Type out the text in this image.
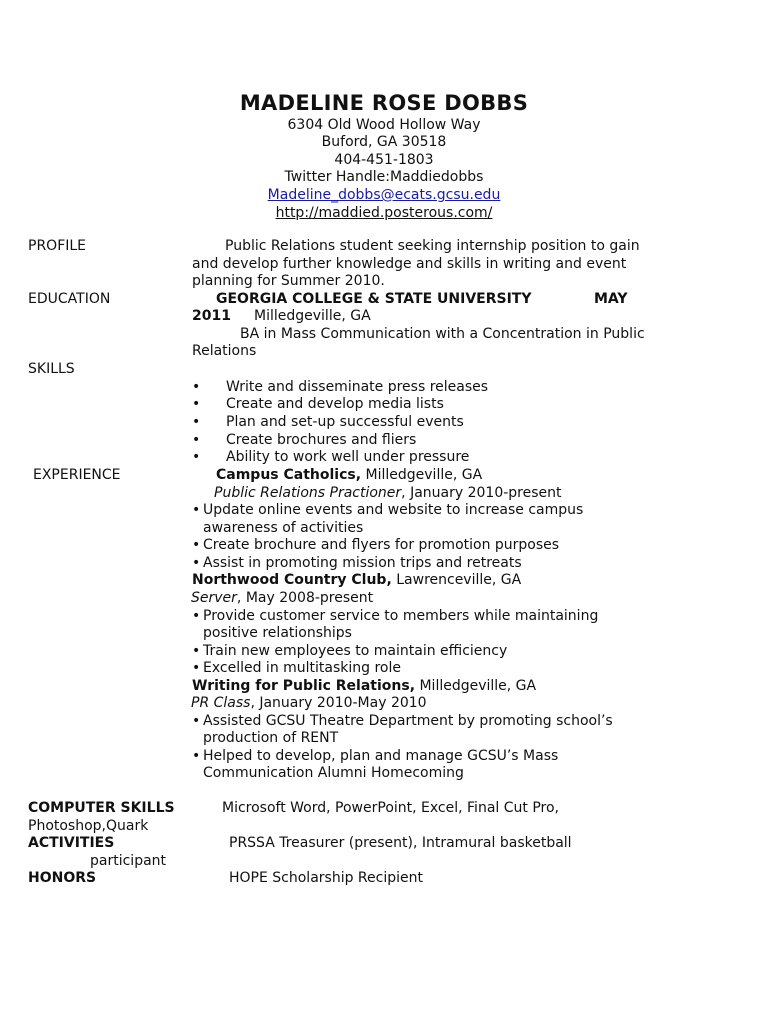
MADELINE ROSE DOBBS
6304 Old Wood Hollow Way
Buford, GA 30518
404-451-1803
Twitter Handle:Maddiedobbs
Madeline_dobbs@ecats.gcsu.edu
http://maddied.posterous.com/
PROFILE	Public Relations student seeking internship position to gain
and develop further knowledge and skills in writing and event
planning for Summer 2010.
EDUCATION	GEORGIA COLLEGE & STATE UNIVERSITY	MAY
2011 Milledgeville, GA
BA in Mass Communication with a Concentration in Public
Relations
SKILLS
• Write and disseminate press releases
• Create and develop media lists
• Plan and set-up successful events
• Create brochures and fliers
• Ability to work well under pressure
EXPERIENCE	Campus Catholics, Milledgeville, GA
Public Relations Practioner, January 2010-present
• Update online events and website to increase campus
awareness of activities
• Create brochure and flyers for promotion purposes
• Assist in promoting mission trips and retreats
Northwood Country Club, Lawrenceville, GA
Server, May 2008-present
• Provide customer service to members while maintaining
positive relationships
• Train new employees to maintain efficiency
• Excelled in multitasking role
Writing for Public Relations, Milledgeville, GA
PR Class, January 2010-May 2010
• Assisted GCSU Theatre Department by promoting school’s
production of RENT
• Helped to develop, plan and manage GCSU’s Mass
Communication Alumni Homecoming
COMPUTER SKILLS	Microsoft Word, PowerPoint, Excel, Final Cut Pro,
Photoshop,Quark
ACTIVITIES	PRSSA Treasurer (present), Intramural basketball
participant
HONORS	HOPE Scholarship Recipient
